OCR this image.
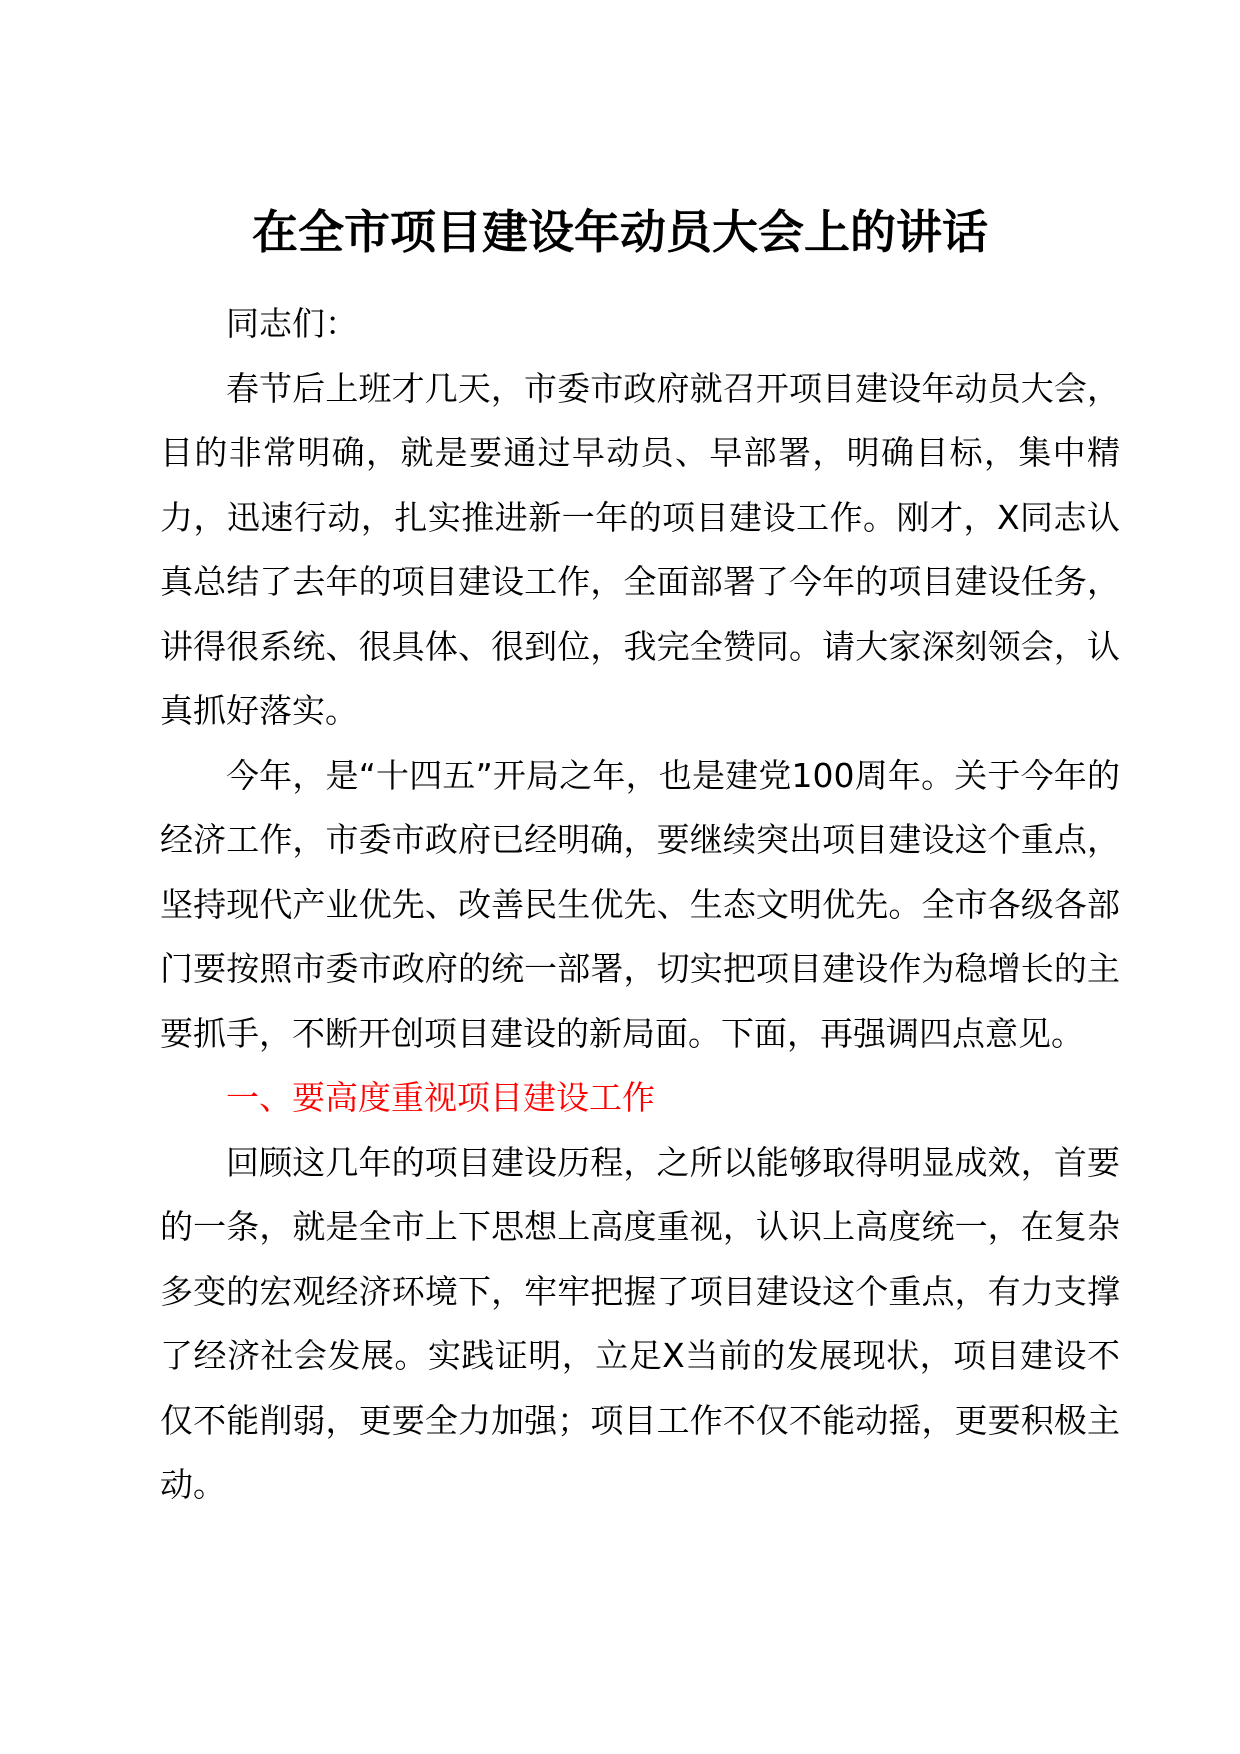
在全市项目建设年动员大会上的讲话

同志们：

春节后上班才几天，市委市政府就召开项目建设年动员大会，目的非常明确，就是要通过早动员、早部署，明确目标，集中精力，迅速行动，扎实推进新一年的项目建设工作。刚才，X同志认真总结了去年的项目建设工作，全面部署了今年的项目建设任务，讲得很系统、很具体、很到位，我完全赞同。请大家深刻领会，认真抓好落实。

今年，是“十四五”开局之年，也是建党100周年。关于今年的经济工作，市委市政府已经明确，要继续突出项目建设这个重点，坚持现代产业优先、改善民生优先、生态文明优先。全市各级各部门要按照市委市政府的统一部署，切实把项目建设作为稳增长的主要抓手，不断开创项目建设的新局面。下面，再强调四点意见。

一、要高度重视项目建设工作

回顾这几年的项目建设历程，之所以能够取得明显成效，首要的一条，就是全市上下思想上高度重视，认识上高度统一，在复杂多变的宏观经济环境下，牢牢把握了项目建设这个重点，有力支撑了经济社会发展。实践证明，立足X当前的发展现状，项目建设不仅不能削弱，更要全力加强；项目工作不仅不能动摇，更要积极主动。
